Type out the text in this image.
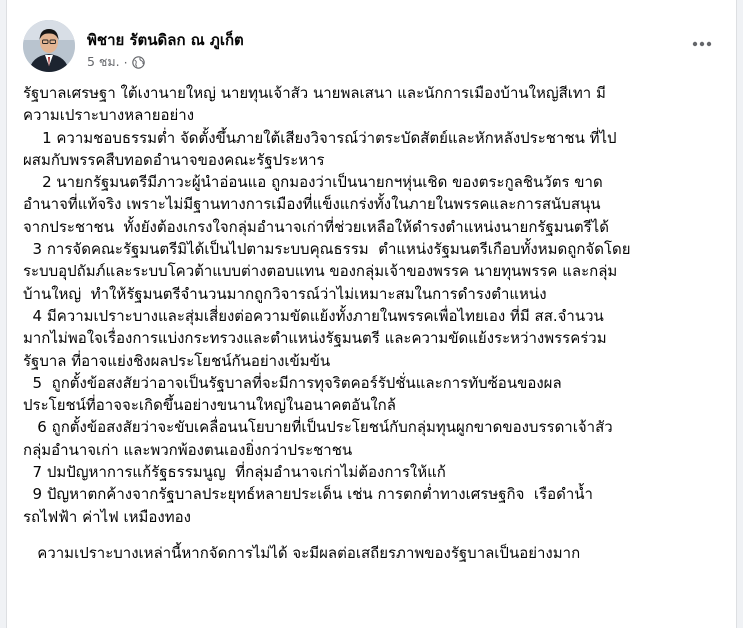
พิชาย รัตนดิลก ณ ภูเก็ต
5 ชม. ·

รัฐบาลเศรษฐา ใต้เงานายใหญ่ นายทุนเจ้าสัว นายพลเสนา และนักการเมืองบ้านใหญ่สีเทา มี

ความเปราะบางหลายอย่าง

1 ความชอบธรรมต่ำ จัดตั้งขึ้นภายใต้เสียงวิจารณ์ว่าตระบัดสัตย์และหักหลังประชาชน ที่ไป

ผสมกับพรรคสืบทอดอำนาจของคณะรัฐประหาร

2 นายกรัฐมนตรีมีภาวะผู้นำอ่อนแอ ถูกมองว่าเป็นนายกฯหุ่นเชิด ของตระกูลชินวัตร ขาด

อำนาจที่แท้จริง เพราะไม่มีฐานทางการเมืองที่แข็งแกร่งทั้งในภายในพรรคและการสนับสนุน

จากประชาชน  ทั้งยังต้องเกรงใจกลุ่มอำนาจเก่าที่ช่วยเหลือให้ดำรงตำแหน่งนายกรัฐมนตรีได้

3 การจัดคณะรัฐมนตรีมิได้เป็นไปตามระบบคุณธรรม  ตำแหน่งรัฐมนตรีเกือบทั้งหมดถูกจัดโดย

ระบบอุปถัมภ์และระบบโควต้าแบบต่างตอบแทน ของกลุ่มเจ้าของพรรค นายทุนพรรค และกลุ่ม

บ้านใหญ่  ทำให้รัฐมนตรีจำนวนมากถูกวิจารณ์ว่าไม่เหมาะสมในการดำรงตำแหน่ง

4 มีความเปราะบางและสุ่มเสี่ยงต่อความขัดแย้งทั้งภายในพรรคเพื่อไทยเอง ที่มี สส.จำนวน

มากไม่พอใจเรื่องการแบ่งกระทรวงและตำแหน่งรัฐมนตรี และความขัดแย้งระหว่างพรรคร่วม

รัฐบาล ที่อาจแย่งชิงผลประโยชน์กันอย่างเข้มข้น

5  ถูกตั้งข้อสงสัยว่าอาจเป็นรัฐบาลที่จะมีการทุจริตคอร์รัปชั่นและการทับซ้อนของผล

ประโยชน์ที่อาจจะเกิดขึ้นอย่างขนานใหญ่ในอนาคตอันใกล้

6 ถูกตั้งข้อสงสัยว่าจะขับเคลื่อนนโยบายที่เป็นประโยชน์กับกลุ่มทุนผูกขาดของบรรดาเจ้าสัว

กลุ่มอำนาจเก่า และพวกพ้องตนเองยิ่งกว่าประชาชน

7 ปมปัญหาการแก้รัฐธรรมนูญ  ที่กลุ่มอำนาจเก่าไม่ต้องการให้แก้

9 ปัญหาตกค้างจากรัฐบาลประยุทธ์หลายประเด็น เช่น การตกต่ำทางเศรษฐกิจ  เรือดำน้ำ

รถไฟฟ้า ค่าไฟ เหมืองทอง

ความเปราะบางเหล่านี้หากจัดการไม่ได้ จะมีผลต่อเสถียรภาพของรัฐบาลเป็นอย่างมาก
